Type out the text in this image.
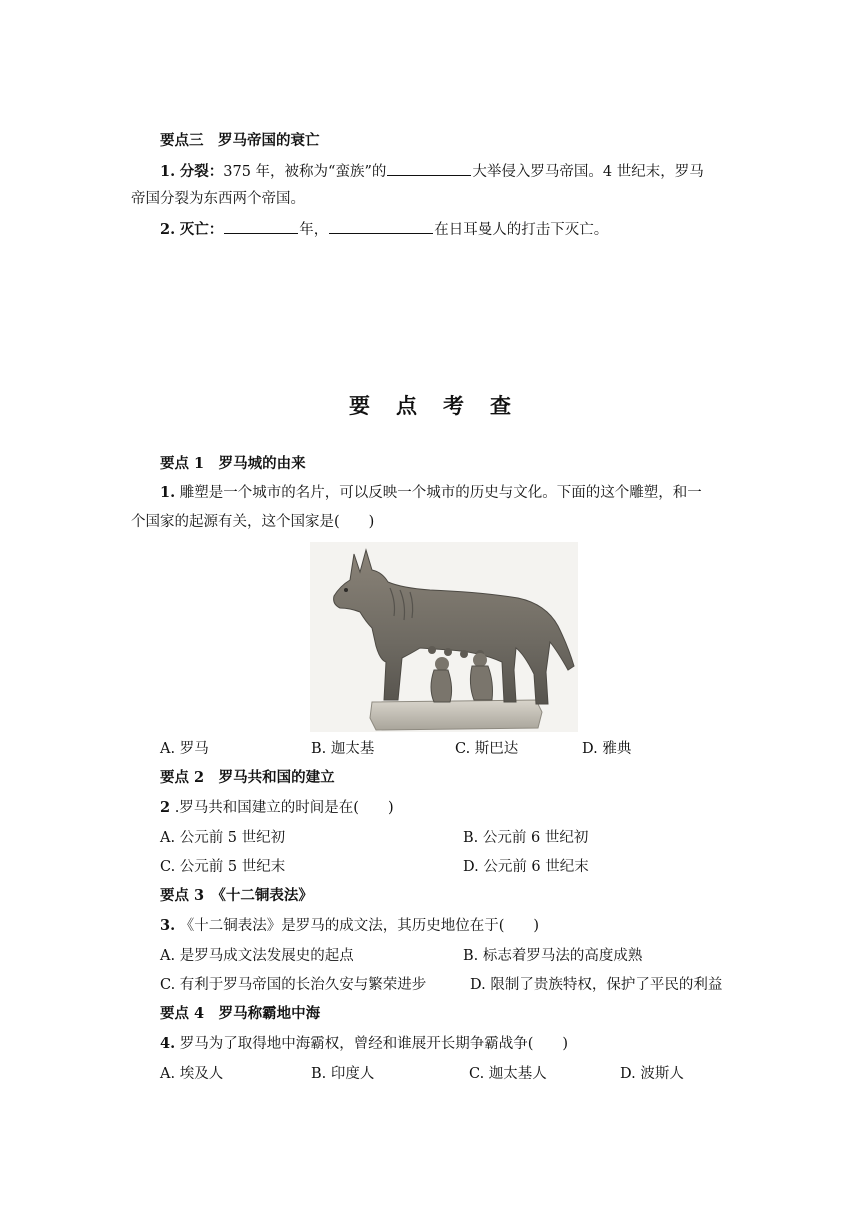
要点三　罗马帝国的衰亡
1. 分裂：375 年，被称为“蛮族”的	大举侵入罗马帝国。4 世纪末，罗马
帝国分裂为东西两个帝国。
2. 灭亡：	年，	在日耳曼人的打击下灭亡。
要点考查
要点 1　罗马城的由来
1. 雕塑是一个城市的名片，可以反映一个城市的历史与文化。下面的这个雕塑，和一
个国家的起源有关，这个国家是(　　)
A. 罗马	B. 迦太基	C. 斯巴达	D. 雅典
要点 2　罗马共和国的建立
2 .罗马共和国建立的时间是在(　　)
A. 公元前 5 世纪初	B. 公元前 6 世纪初
C. 公元前 5 世纪末	D. 公元前 6 世纪末
要点 3　《十二铜表法》
3. 《十二铜表法》是罗马的成文法，其历史地位在于(　　)
A. 是罗马成文法发展史的起点	B. 标志着罗马法的高度成熟
C. 有利于罗马帝国的长治久安与繁荣进步	D. 限制了贵族特权，保护了平民的利益
要点 4　罗马称霸地中海
4. 罗马为了取得地中海霸权，曾经和谁展开长期争霸战争(　　)
A. 埃及人	B. 印度人	C. 迦太基人	D. 波斯人
